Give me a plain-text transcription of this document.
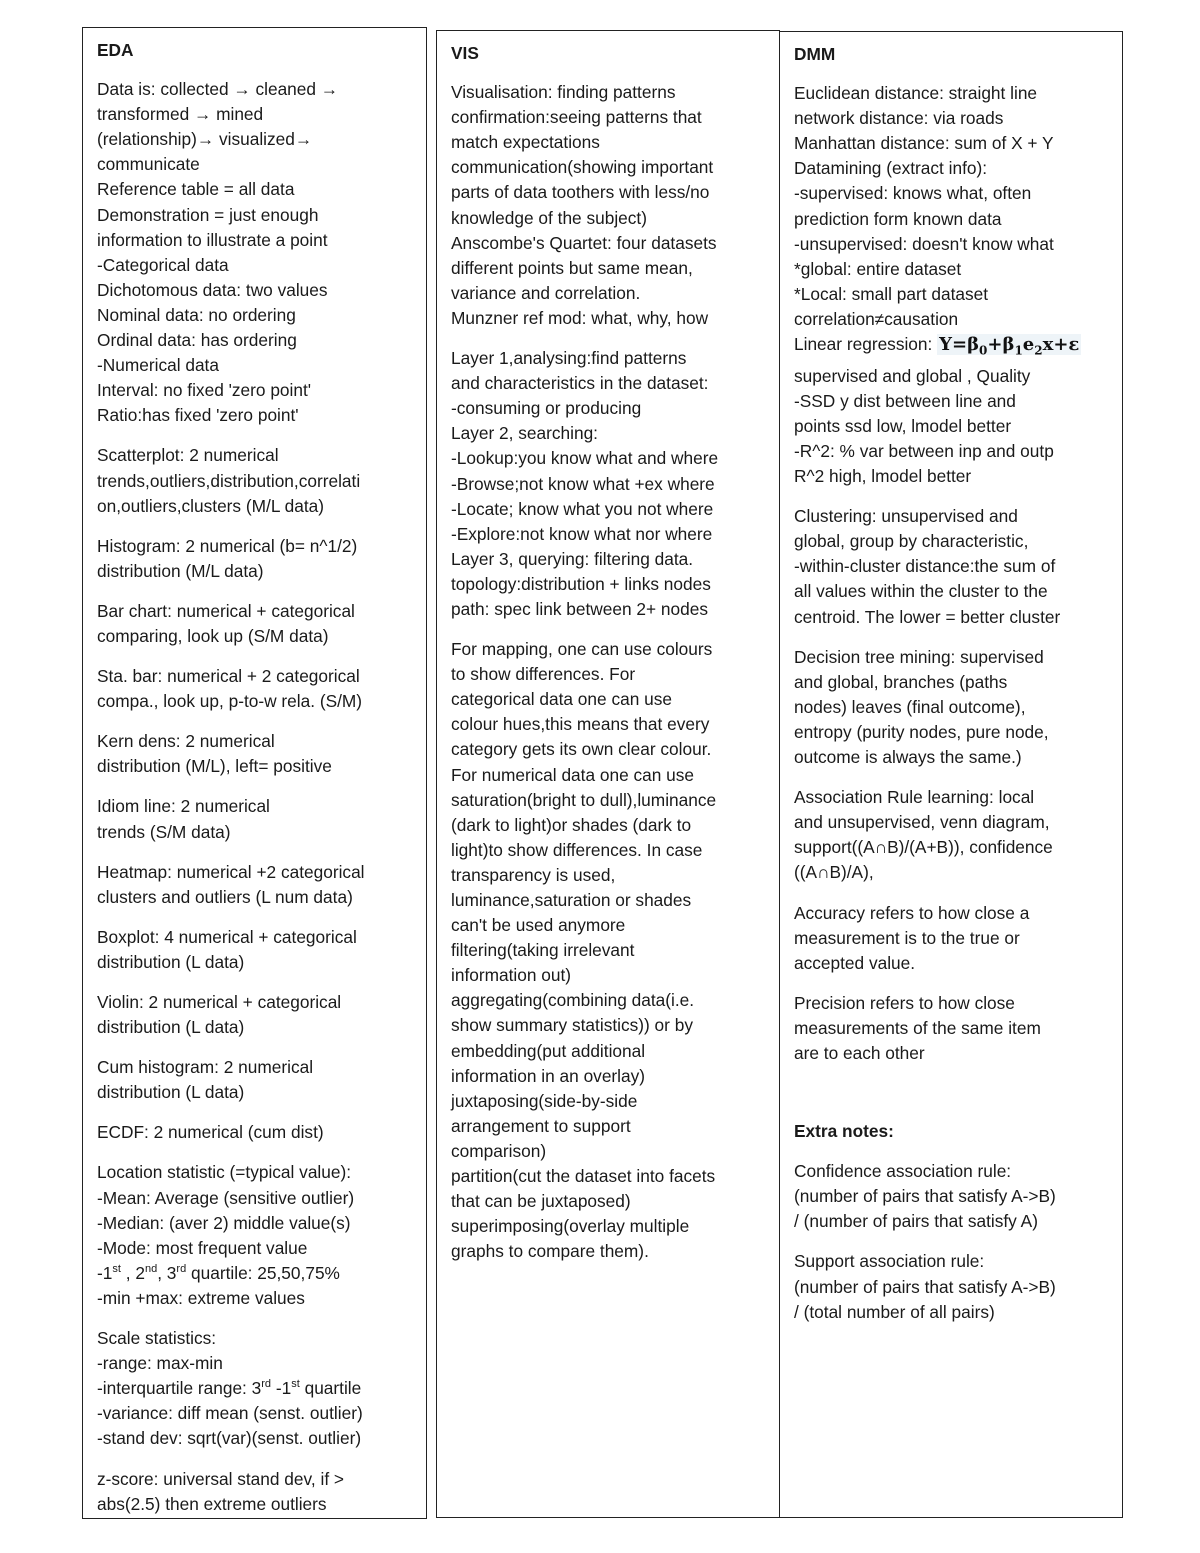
EDA
Data is: collected → cleaned →
transformed → mined
(relationship)→ visualized→
communicate
Reference table = all data
Demonstration = just enough
information to illustrate a point
-Categorical data
Dichotomous data: two values
Nominal data: no ordering
Ordinal data: has ordering
-Numerical data
Interval: no fixed 'zero point'
Ratio:has fixed 'zero point'
Scatterplot: 2 numerical
trends,outliers,distribution,correlati
on,outliers,clusters (M/L data)
Histogram: 2 numerical (b= n^1/2)
distribution (M/L data)
Bar chart: numerical + categorical
comparing, look up (S/M data)
Sta. bar: numerical + 2 categorical
compa., look up, p-to-w rela. (S/M)
Kern dens: 2 numerical
distribution (M/L), left= positive
Idiom line: 2 numerical
trends (S/M data)
Heatmap: numerical +2 categorical
clusters and outliers (L num data)
Boxplot: 4 numerical + categorical
distribution (L data)
Violin: 2 numerical + categorical
distribution (L data)
Cum histogram: 2 numerical
distribution (L data)
ECDF: 2 numerical (cum dist)
Location statistic (=typical value):
-Mean: Average (sensitive outlier)
-Median: (aver 2) middle value(s)
-Mode: most frequent value
-1st , 2nd, 3rd quartile: 25,50,75%
-min +max: extreme values
Scale statistics:
-range: max-min
-interquartile range: 3rd -1st quartile
-variance: diff mean (senst. outlier)
-stand dev: sqrt(var)(senst. outlier)
z-score: universal stand dev, if >
abs(2.5) then extreme outliers
VIS
Visualisation: finding patterns
confirmation:seeing patterns that
match expectations
communication(showing important
parts of data toothers with less/no
knowledge of the subject)
Anscombe's Quartet: four datasets
different points but same mean,
variance and correlation.
Munzner ref mod: what, why, how
Layer 1,analysing:find patterns
and characteristics in the dataset:
-consuming or producing
Layer 2, searching:
-Lookup:you know what and where
-Browse;not know what +ex where
-Locate; know what you not where
-Explore:not know what nor where
Layer 3, querying: filtering data.
topology:distribution + links nodes
path: spec link between 2+ nodes
For mapping, one can use colours
to show differences. For
categorical data one can use
colour hues,this means that every
category gets its own clear colour.
For numerical data one can use
saturation(bright to dull),luminance
(dark to light)or shades (dark to
light)to show differences. In case
transparency is used,
luminance,saturation or shades
can't be used anymore
filtering(taking irrelevant
information out)
aggregating(combining data(i.e.
show summary statistics)) or by
embedding(put additional
information in an overlay)
juxtaposing(side-by-side
arrangement to support
comparison)
partition(cut the dataset into facets
that can be juxtaposed)
superimposing(overlay multiple
graphs to compare them).
DMM
Euclidean distance: straight line
network distance: via roads
Manhattan distance: sum of X + Y
Datamining (extract info):
-supervised: knows what, often
prediction form known data
-unsupervised: doesn't know what
*global: entire dataset
*Local: small part dataset
correlation≠causation
Linear regression: $Y=\beta_0+\beta_1e_2x+\varepsilon$
supervised and global , Quality
-SSD y dist between line and
points ssd low, lmodel better
-R^2: % var between inp and outp
R^2 high, lmodel better
Clustering: unsupervised and
global, group by characteristic,
-within-cluster distance:the sum of
all values within the cluster to the
centroid. The lower = better cluster
Decision tree mining: supervised
and global, branches (paths
nodes) leaves (final outcome),
entropy (purity nodes, pure node,
outcome is always the same.)
Association Rule learning: local
and unsupervised, venn diagram,
support((A∩B)/(A+B)), confidence
((A∩B)/A),
Accuracy refers to how close a
measurement is to the true or
accepted value.
Precision refers to how close
measurements of the same item
are to each other
Extra notes:
Confidence association rule:
(number of pairs that satisfy A->B)
/ (number of pairs that satisfy A)
Support association rule:
(number of pairs that satisfy A->B)
/ (total number of all pairs)
